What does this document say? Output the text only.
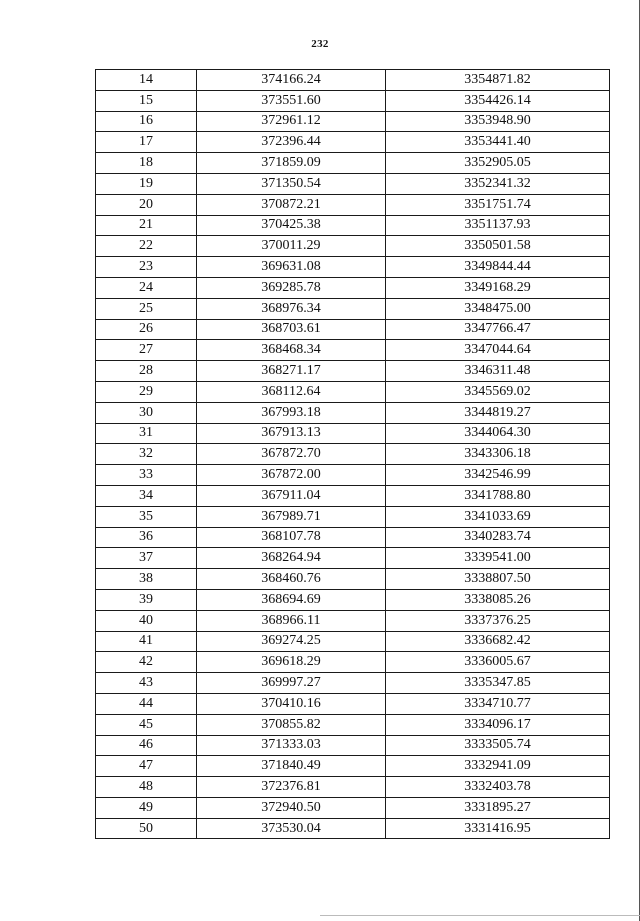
232
14	374166.24	3354871.82
15	373551.60	3354426.14
16	372961.12	3353948.90
17	372396.44	3353441.40
18	371859.09	3352905.05
19	371350.54	3352341.32
20	370872.21	3351751.74
21	370425.38	3351137.93
22	370011.29	3350501.58
23	369631.08	3349844.44
24	369285.78	3349168.29
25	368976.34	3348475.00
26	368703.61	3347766.47
27	368468.34	3347044.64
28	368271.17	3346311.48
29	368112.64	3345569.02
30	367993.18	3344819.27
31	367913.13	3344064.30
32	367872.70	3343306.18
33	367872.00	3342546.99
34	367911.04	3341788.80
35	367989.71	3341033.69
36	368107.78	3340283.74
37	368264.94	3339541.00
38	368460.76	3338807.50
39	368694.69	3338085.26
40	368966.11	3337376.25
41	369274.25	3336682.42
42	369618.29	3336005.67
43	369997.27	3335347.85
44	370410.16	3334710.77
45	370855.82	3334096.17
46	371333.03	3333505.74
47	371840.49	3332941.09
48	372376.81	3332403.78
49	372940.50	3331895.27
50	373530.04	3331416.95
